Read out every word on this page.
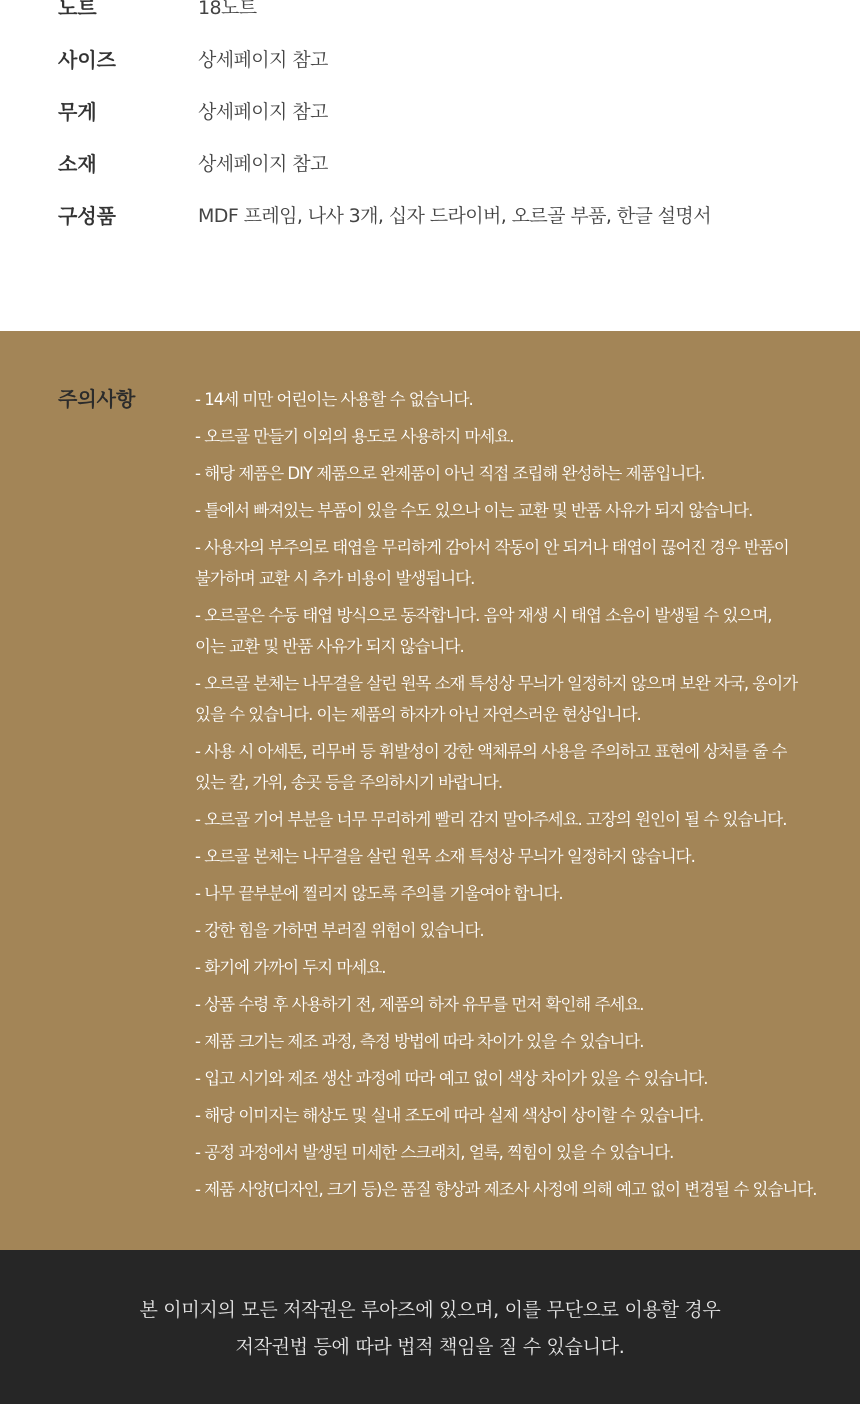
노트	18노트
사이즈	상세페이지 참고
무게	상세페이지 참고
소재	상세페이지 참고
구성품	MDF 프레임, 나사 3개, 십자 드라이버, 오르골 부품, 한글 설명서
주의사항	- 14세 미만 어린이는 사용할 수 없습니다.
- 오르골 만들기 이외의 용도로 사용하지 마세요.
- 해당 제품은 DIY 제품으로 완제품이 아닌 직접 조립해 완성하는 제품입니다.
- 틀에서 빠져있는 부품이 있을 수도 있으나 이는 교환 및 반품 사유가 되지 않습니다.
- 사용자의 부주의로 태엽을 무리하게 감아서 작동이 안 되거나 태엽이 끊어진 경우 반품이
불가하며 교환 시 추가 비용이 발생됩니다.
- 오르골은 수동 태엽 방식으로 동작합니다. 음악 재생 시 태엽 소음이 발생될 수 있으며,
이는 교환 및 반품 사유가 되지 않습니다.
- 오르골 본체는 나무결을 살린 원목 소재 특성상 무늬가 일정하지 않으며 보완 자국, 옹이가
있을 수 있습니다. 이는 제품의 하자가 아닌 자연스러운 현상입니다.
- 사용 시 아세톤, 리무버 등 휘발성이 강한 액체류의 사용을 주의하고 표현에 상처를 줄 수
있는 칼, 가위, 송곳 등을 주의하시기 바랍니다.
- 오르골 기어 부분을 너무 무리하게 빨리 감지 말아주세요. 고장의 원인이 될 수 있습니다.
- 오르골 본체는 나무결을 살린 원목 소재 특성상 무늬가 일정하지 않습니다.
- 나무 끝부분에 찔리지 않도록 주의를 기울여야 합니다.
- 강한 힘을 가하면 부러질 위험이 있습니다.
- 화기에 가까이 두지 마세요.
- 상품 수령 후 사용하기 전, 제품의 하자 유무를 먼저 확인해 주세요.
- 제품 크기는 제조 과정, 측정 방법에 따라 차이가 있을 수 있습니다.
- 입고 시기와 제조 생산 과정에 따라 예고 없이 색상 차이가 있을 수 있습니다.
- 해당 이미지는 해상도 및 실내 조도에 따라 실제 색상이 상이할 수 있습니다.
- 공정 과정에서 발생된 미세한 스크래치, 얼룩, 찍힘이 있을 수 있습니다.
- 제품 사양(디자인, 크기 등)은 품질 향상과 제조사 사정에 의해 예고 없이 변경될 수 있습니다.
본 이미지의 모든 저작권은 루아즈에 있으며, 이를 무단으로 이용할 경우
저작권법 등에 따라 법적 책임을 질 수 있습니다.
